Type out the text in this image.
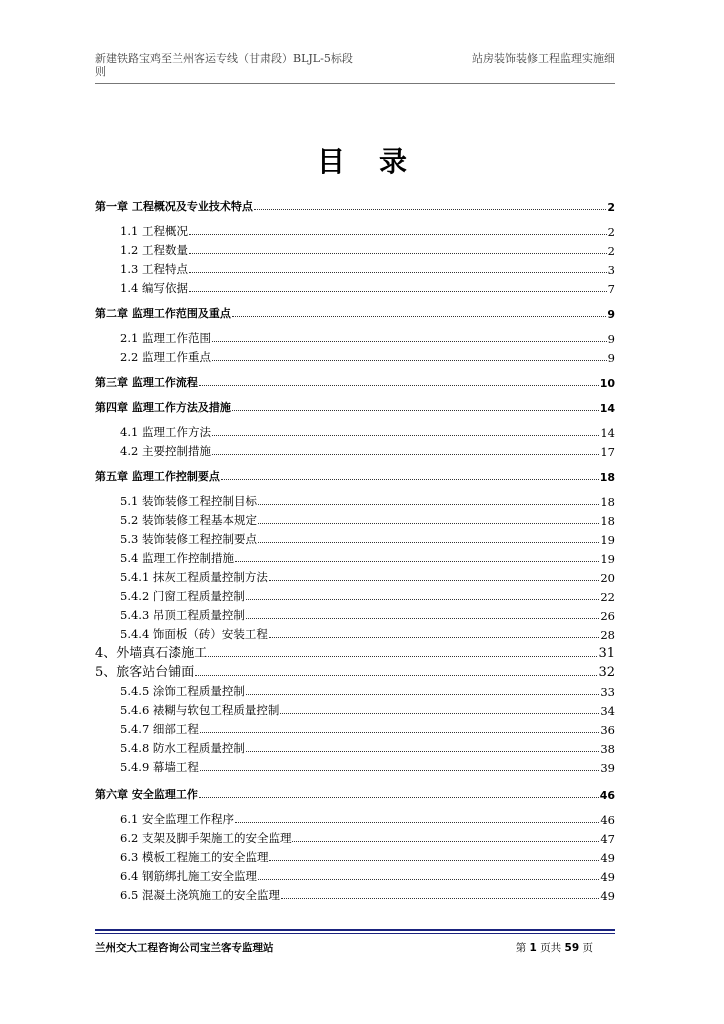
新建铁路宝鸡至兰州客运专线（甘肃段）BLJL-5标段
则
站房装饰装修工程监理实施细
目录
第一章 工程概况及专业技术特点	2
1.1 工程概况	2
1.2 工程数量	2
1.3 工程特点	3
1.4 编写依据	7
第二章 监理工作范围及重点	9
2.1 监理工作范围	9
2.2 监理工作重点	9
第三章 监理工作流程	10
第四章 监理工作方法及措施	14
4.1 监理工作方法	14
4.2 主要控制措施	17
第五章 监理工作控制要点	18
5.1 装饰装修工程控制目标	18
5.2 装饰装修工程基本规定	18
5.3 装饰装修工程控制要点	19
5.4 监理工作控制措施	19
5.4.1 抹灰工程质量控制方法	20
5.4.2 门窗工程质量控制	22
5.4.3 吊顶工程质量控制	26
5.4.4 饰面板（砖）安装工程	28
4、外墙真石漆施工	31
5、旅客站台铺面	32
5.4.5 涂饰工程质量控制	33
5.4.6 裱糊与软包工程质量控制	34
5.4.7 细部工程	36
5.4.8 防水工程质量控制	38
5.4.9 幕墙工程	39
第六章 安全监理工作	46
6.1 安全监理工作程序	46
6.2 支架及脚手架施工的安全监理	47
6.3 模板工程施工的安全监理	49
6.4 钢筋绑扎施工安全监理	49
6.5 混凝土浇筑施工的安全监理	49
兰州交大工程咨询公司宝兰客专监理站	第 1 页共 59 页
